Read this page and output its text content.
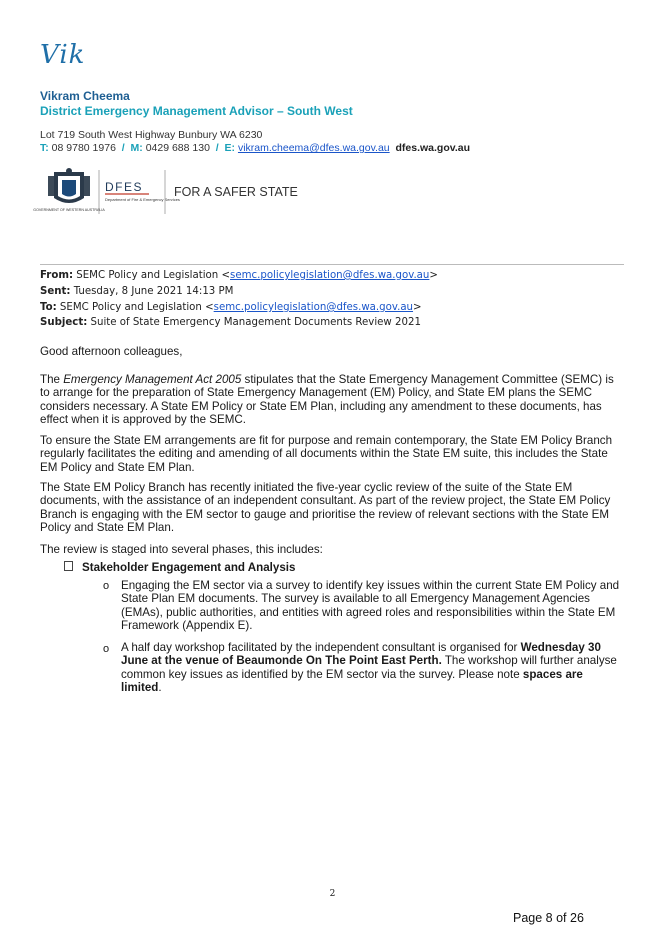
Vik
Vikram Cheema
District Emergency Management Advisor – South West
Lot 719 South West Highway Bunbury WA 6230
T: 08 9780 1976  /  M: 0429 688 130  /  E: vikram.cheema@dfes.wa.gov.au dfes.wa.gov.au
GOVERNMENT OF WESTERN AUSTRALIA
DFES
Department of Fire & Emergency Services
FOR A SAFER STATE
From: SEMC Policy and Legislation <semc.policylegislation@dfes.wa.gov.au>
Sent: Tuesday, 8 June 2021 14:13 PM
To: SEMC Policy and Legislation <semc.policylegislation@dfes.wa.gov.au>
Subject: Suite of State Emergency Management Documents Review 2021
Good afternoon colleagues,
The Emergency Management Act 2005 stipulates that the State Emergency Management Committee (SEMC) is to arrange for the preparation of State Emergency Management (EM) Policy, and State EM plans the SEMC considers necessary. A State EM Policy or State EM Plan, including any amendment to these documents, has effect when it is approved by the SEMC.
To ensure the State EM arrangements are fit for purpose and remain contemporary, the State EM Policy Branch regularly facilitates the editing and amending of all documents within the State EM suite, this includes the State EM Policy and State EM Plan.
The State EM Policy Branch has recently initiated the five-year cyclic review of the suite of the State EM documents, with the assistance of an independent consultant. As part of the review project, the State EM Policy Branch is engaging with the EM sector to gauge and prioritise the review of relevant sections with the State EM Policy and State EM Plan.
The review is staged into several phases, this includes:
Stakeholder Engagement and Analysis
o Engaging the EM sector via a survey to identify key issues within the current State EM Policy and State Plan EM documents. The survey is available to all Emergency Management Agencies (EMAs), public authorities, and entities with agreed roles and responsibilities within the State EM Framework (Appendix E).
o A half day workshop facilitated by the independent consultant is organised for Wednesday 30 June at the venue of Beaumonde On The Point East Perth. The workshop will further analyse common key issues as identified by the EM sector via the survey. Please note spaces are limited.
2
Page 8 of 26
